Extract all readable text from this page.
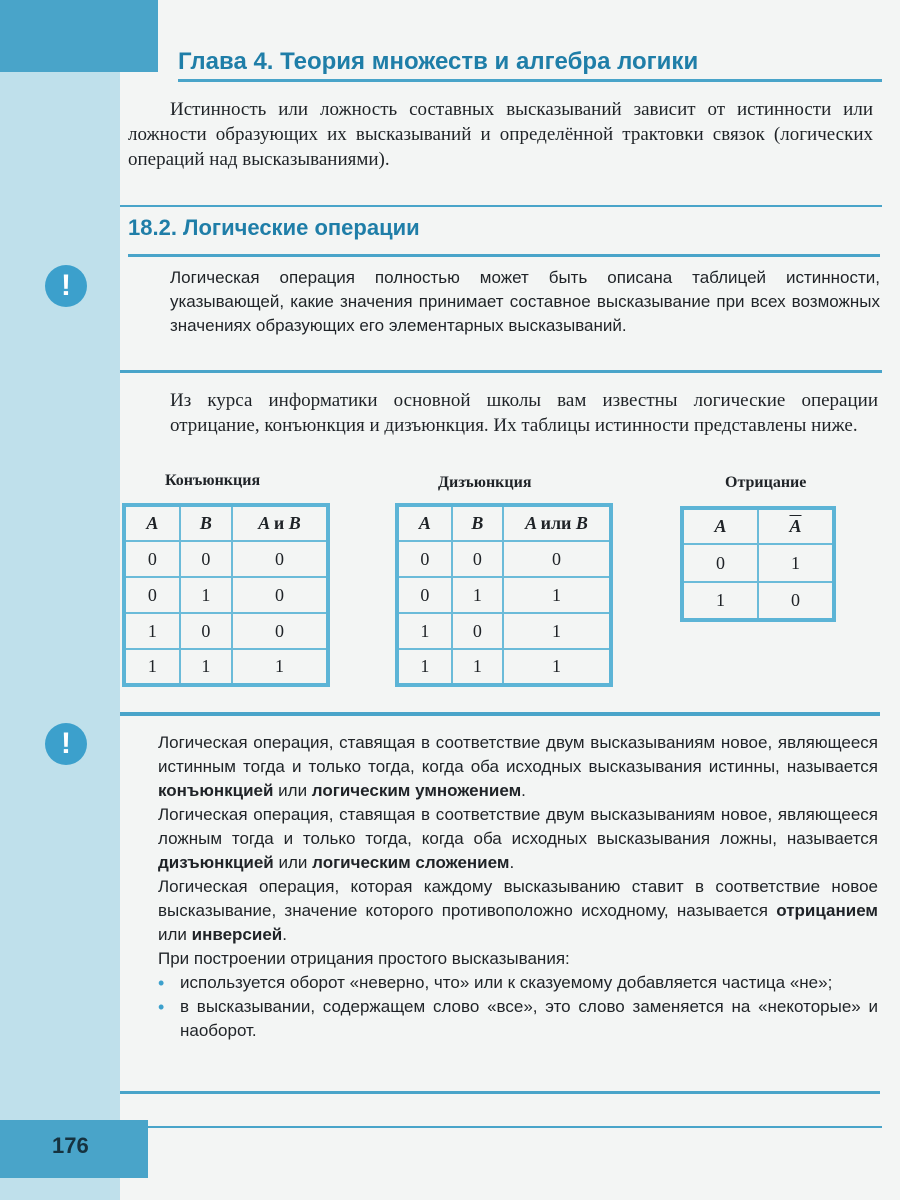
Глава 4. Теория множеств и алгебра логики
Истинность или ложность составных высказываний зависит от истинности или ложности образующих их высказываний и определённой трактовки связок (логических операций над высказываниями).
18.2. Логические операции
!	Логическая операция полностью может быть описана таблицей истинности, указывающей, какие значения принимает составное высказывание при всех возможных значениях образующих его элементарных высказываний.
Из курса информатики основной школы вам известны логические операции отрицание, конъюнкция и дизъюнкция. Их таблицы истинности представлены ниже.
Конъюнкция
A	B	A и B
0	0	0
0	1	0
1	0	0
1	1	1
Дизъюнкция
A	B	A или B
0	0	0
0	1	1
1	0	1
1	1	1
Отрицание
A	$\overline{A}$
0	1
1	0
!	Логическая операция, ставящая в соответствие двум высказываниям новое, являющееся истинным тогда и только тогда, когда оба исходных высказывания истинны, называется конъюнкцией или логическим умножением.

Логическая операция, ставящая в соответствие двум высказываниям новое, являющееся ложным тогда и только тогда, когда оба исходных высказывания ложны, называется дизъюнкцией или логическим сложением.

Логическая операция, которая каждому высказыванию ставит в соответствие новое высказывание, значение которого противоположно исходному, называется отрицанием или инверсией.

При построении отрицания простого высказывания:

• используется оборот «неверно, что» или к сказуемому добавляется частица «не»;
• в высказывании, содержащем слово «все», это слово заменяется на «некоторые» и наоборот.
176
